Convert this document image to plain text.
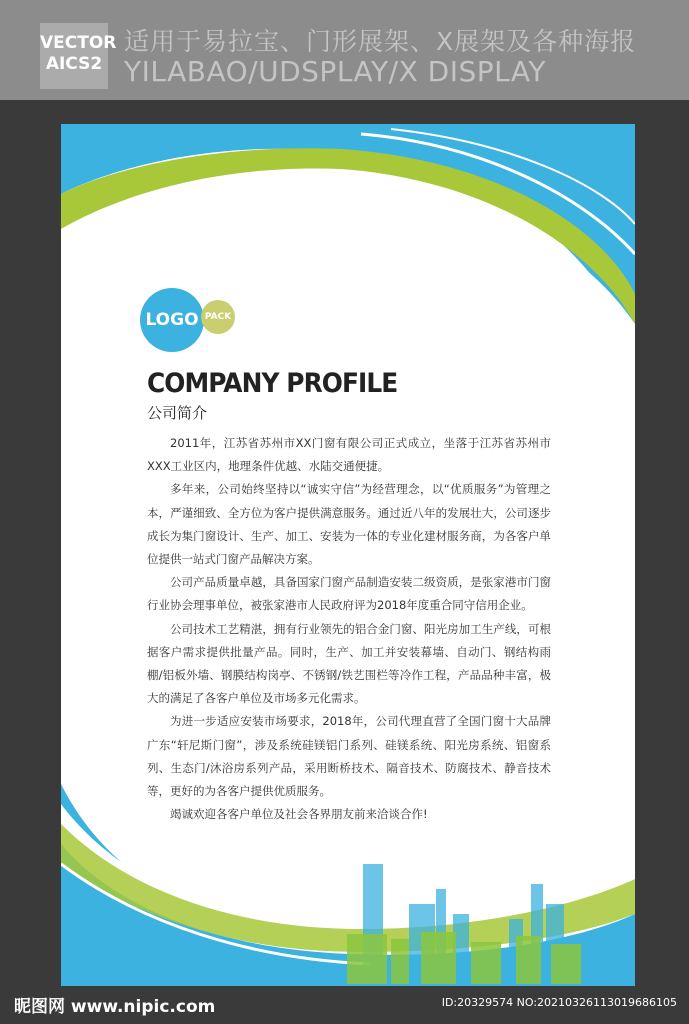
VECTOR
AICS2
适用于易拉宝、门形展架、X展架及各种海报
YILABAO/UDSPLAY/X DISPLAY
LOGO PACK
COMPANY PROFILE
公司简介

2011年，江苏省苏州市XX门窗有限公司正式成立，坐落于江苏省苏州市XXX工业区内，地理条件优越、水陆交通便捷。

多年来，公司始终坚持以“诚实守信”为经营理念，以“优质服务”为管理之本，严谨细致、全方位为客户提供满意服务。通过近八年的发展壮大，公司逐步成长为集门窗设计、生产、加工、安装为一体的专业化建材服务商，为各客户单位提供一站式门窗产品解决方案。

公司产品质量卓越，具备国家门窗产品制造安装二级资质，是张家港市门窗行业协会理事单位，被张家港市人民政府评为2018年度重合同守信用企业。

公司技术工艺精湛，拥有行业领先的铝合金门窗、阳光房加工生产线，可根据客户需求提供批量产品。同时，生产、加工并安装幕墙、自动门、钢结构雨棚/铝板外墙、钢膜结构岗亭、不锈钢/铁艺围栏等冷作工程，产品品种丰富，极大的满足了各客户单位及市场多元化需求。

为进一步适应安装市场要求，2018年，公司代理直营了全国门窗十大品牌广东“轩尼斯门窗”，涉及系统硅镁铝门系列、硅镁系统、阳光房系统、铝窗系列、生态门/沐浴房系列产品，采用断桥技术、隔音技术、防腐技术、静音技术等，更好的为各客户提供优质服务。

竭诚欢迎各客户单位及社会各界朋友前来洽谈合作!

昵图网 www.nipic.com	ID:20329574 NO:20210326113019686105
